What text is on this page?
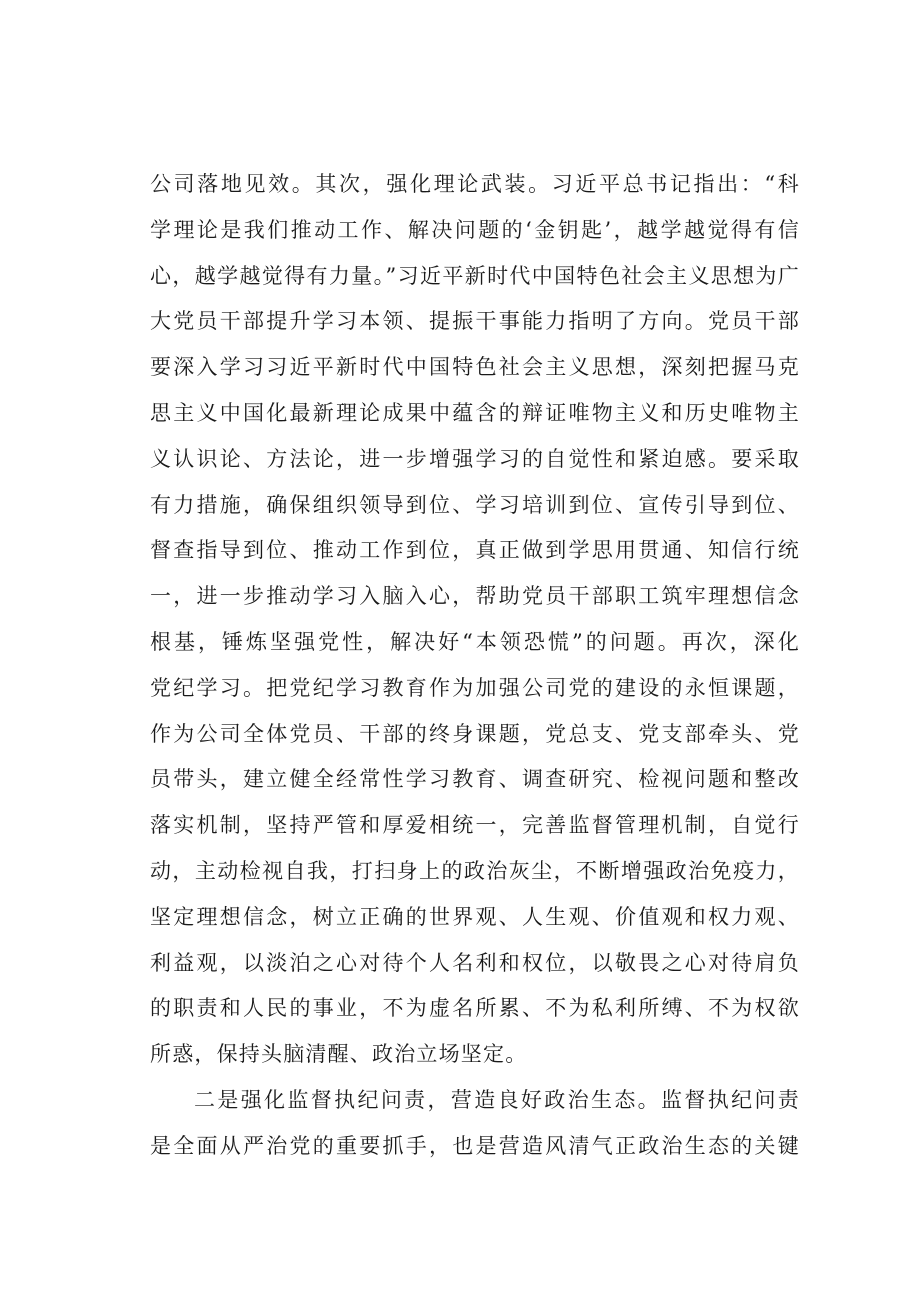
公司落地见效。其次，强化理论武装。习近平总书记指出：“科
学理论是我们推动工作、解决问题的‘金钥匙’，越学越觉得有信
心，越学越觉得有力量。”习近平新时代中国特色社会主义思想为广
大党员干部提升学习本领、提振干事能力指明了方向。党员干部
要深入学习习近平新时代中国特色社会主义思想，深刻把握马克
思主义中国化最新理论成果中蕴含的辩证唯物主义和历史唯物主
义认识论、方法论，进一步增强学习的自觉性和紧迫感。要采取
有力措施，确保组织领导到位、学习培训到位、宣传引导到位、
督查指导到位、推动工作到位，真正做到学思用贯通、知信行统
一，进一步推动学习入脑入心，帮助党员干部职工筑牢理想信念
根基，锤炼坚强党性，解决好“本领恐慌”的问题。再次，深化
党纪学习。把党纪学习教育作为加强公司党的建设的永恒课题，
作为公司全体党员、干部的终身课题，党总支、党支部牵头、党
员带头，建立健全经常性学习教育、调查研究、检视问题和整改
落实机制，坚持严管和厚爱相统一，完善监督管理机制，自觉行
动，主动检视自我，打扫身上的政治灰尘，不断增强政治免疫力，
坚定理想信念，树立正确的世界观、人生观、价值观和权力观、
利益观，以淡泊之心对待个人名利和权位，以敬畏之心对待肩负
的职责和人民的事业，不为虚名所累、不为私利所缚、不为权欲
所惑，保持头脑清醒、政治立场坚定。
二是强化监督执纪问责，营造良好政治生态。监督执纪问责
是全面从严治党的重要抓手，也是营造风清气正政治生态的关键
